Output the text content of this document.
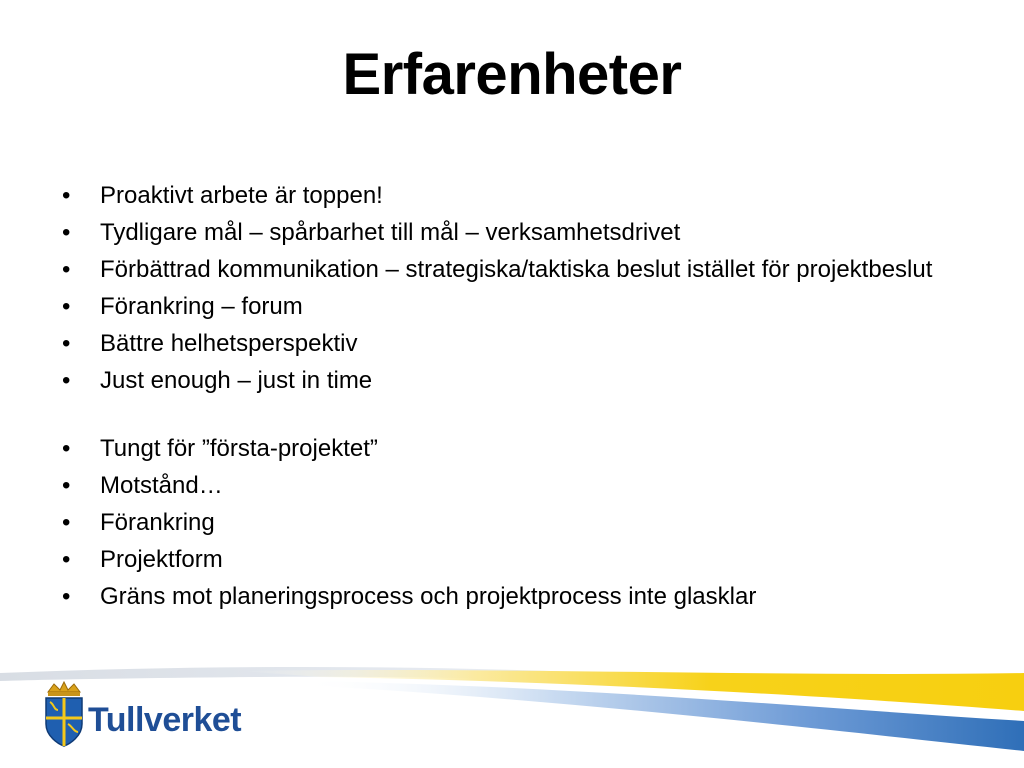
Erfarenheter
• Proaktivt arbete är toppen!
• Tydligare mål – spårbarhet till mål – verksamhetsdrivet
• Förbättrad kommunikation – strategiska/taktiska beslut istället för projektbeslut
• Förankring – forum
• Bättre helhetsperspektiv
• Just enough – just in time
• Tungt för ”första-projektet”
• Motstånd…
• Förankring
• Projektform
• Gräns mot planeringsprocess och projektprocess inte glasklar
Tullverket
